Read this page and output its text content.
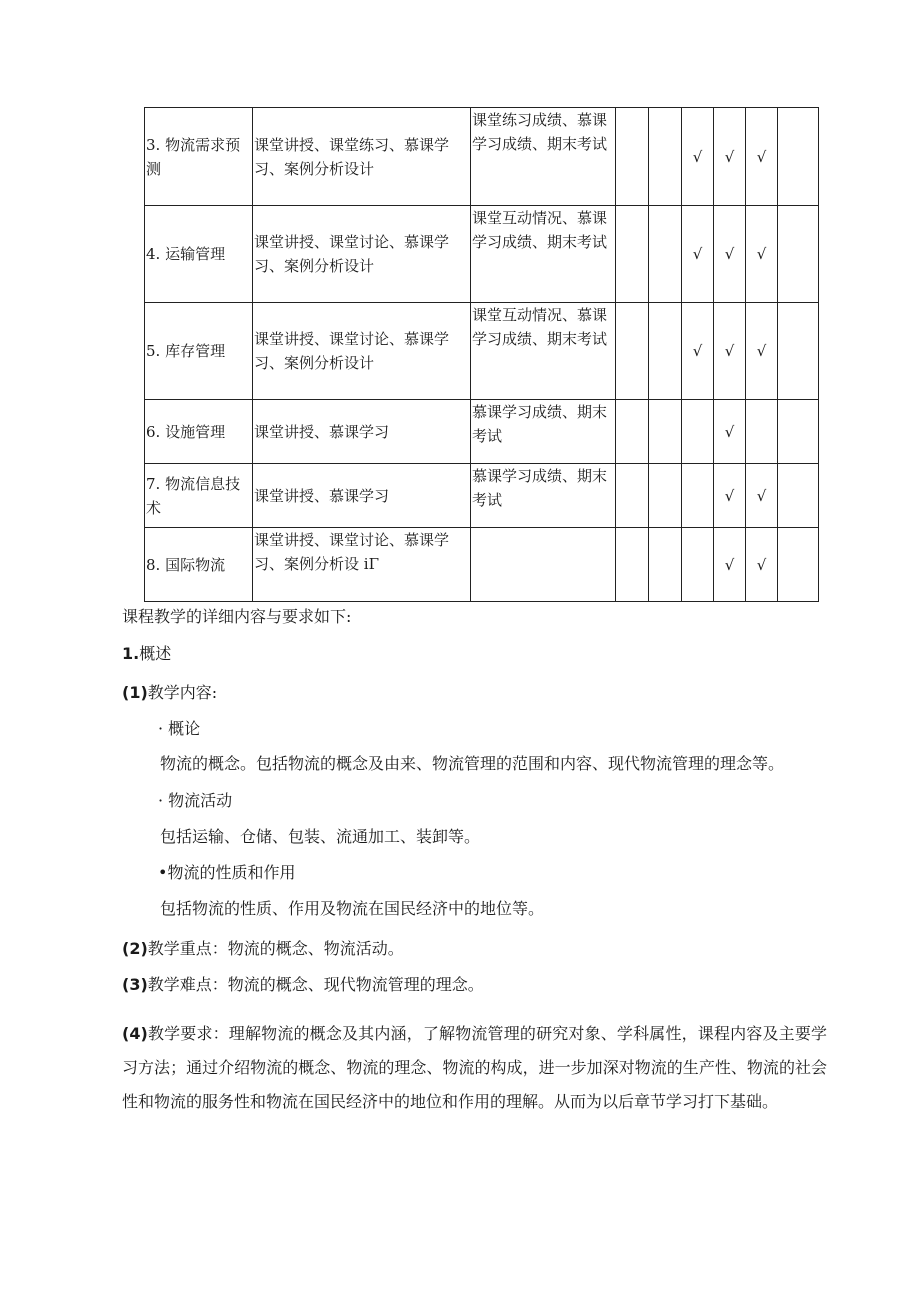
3. 物流需求预测	课堂讲授、课堂练习、慕课学习、案例分析设计	课堂练习成绩、慕课学习成绩、期末考试			√	√	√	
4. 运输管理	课堂讲授、课堂讨论、慕课学习、案例分析设计	课堂互动情况、慕课学习成绩、期末考试			√	√	√	
5. 库存管理	课堂讲授、课堂讨论、慕课学习、案例分析设计	课堂互动情况、慕课学习成绩、期末考试			√	√	√	
6. 设施管理	课堂讲授、慕课学习	慕课学习成绩、期末考试				√		
7. 物流信息技术	课堂讲授、慕课学习	慕课学习成绩、期末考试				√	√	
8. 国际物流	课堂讲授、课堂讨论、慕课学习、案例分析设 iΓ					√	√	
课程教学的详细内容与要求如下:
1.概述
(1)教学内容:
· 概论
物流的概念。包括物流的概念及由来、物流管理的范围和内容、现代物流管理的理念等。
· 物流活动
包括运输、仓储、包装、流通加工、装卸等。
•物流的性质和作用
包括物流的性质、作用及物流在国民经济中的地位等。
(2)教学重点：物流的概念、物流活动。
(3)教学难点：物流的概念、现代物流管理的理念。
(4)教学要求：理解物流的概念及其内涵，了解物流管理的研究对象、学科属性，课程内容及主要学习方法；通过介绍物流的概念、物流的理念、物流的构成，进一步加深对物流的生产性、物流的社会性和物流的服务性和物流在国民经济中的地位和作用的理解。从而为以后章节学习打下基础。
